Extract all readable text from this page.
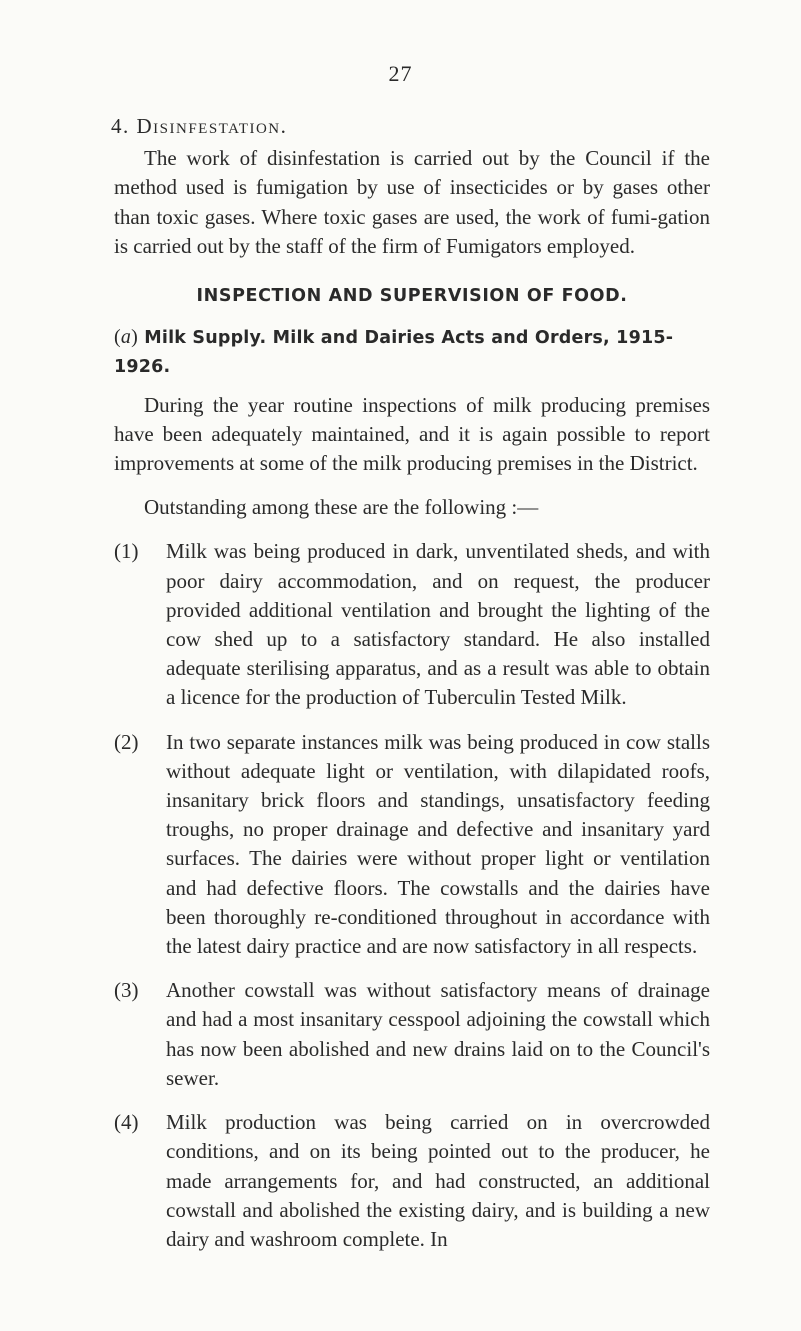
27
4. Disinfestation.

The work of disinfestation is carried out by the Council if the method used is fumigation by use of insecticides or by gases other than toxic gases. Where toxic gases are used, the work of fumi-gation is carried out by the staff of the firm of Fumigators employed.

INSPECTION AND SUPERVISION OF FOOD.
(a) Milk Supply. Milk and Dairies Acts and Orders, 1915-1926.

During the year routine inspections of milk producing premises have been adequately maintained, and it is again possible to report improvements at some of the milk producing premises in the District.

Outstanding among these are the following :—

(1) Milk was being produced in dark, unventilated sheds, and with poor dairy accommodation, and on request, the producer provided additional ventilation and brought the lighting of the cow shed up to a satisfactory standard. He also installed adequate sterilising apparatus, and as a result was able to obtain a licence for the production of Tuberculin Tested Milk.
(2) In two separate instances milk was being produced in cow stalls without adequate light or ventilation, with dilapidated roofs, insanitary brick floors and standings, unsatisfactory feeding troughs, no proper drainage and defective and insanitary yard surfaces. The dairies were without proper light or ventilation and had defective floors. The cowstalls and the dairies have been thoroughly re-conditioned throughout in accordance with the latest dairy practice and are now satisfactory in all respects.
(3) Another cowstall was without satisfactory means of drainage and had a most insanitary cesspool adjoining the cowstall which has now been abolished and new drains laid on to the Council's sewer.
(4) Milk production was being carried on in overcrowded conditions, and on its being pointed out to the producer, he made arrangements for, and had constructed, an additional cowstall and abolished the existing dairy, and is building a new dairy and washroom complete. In
